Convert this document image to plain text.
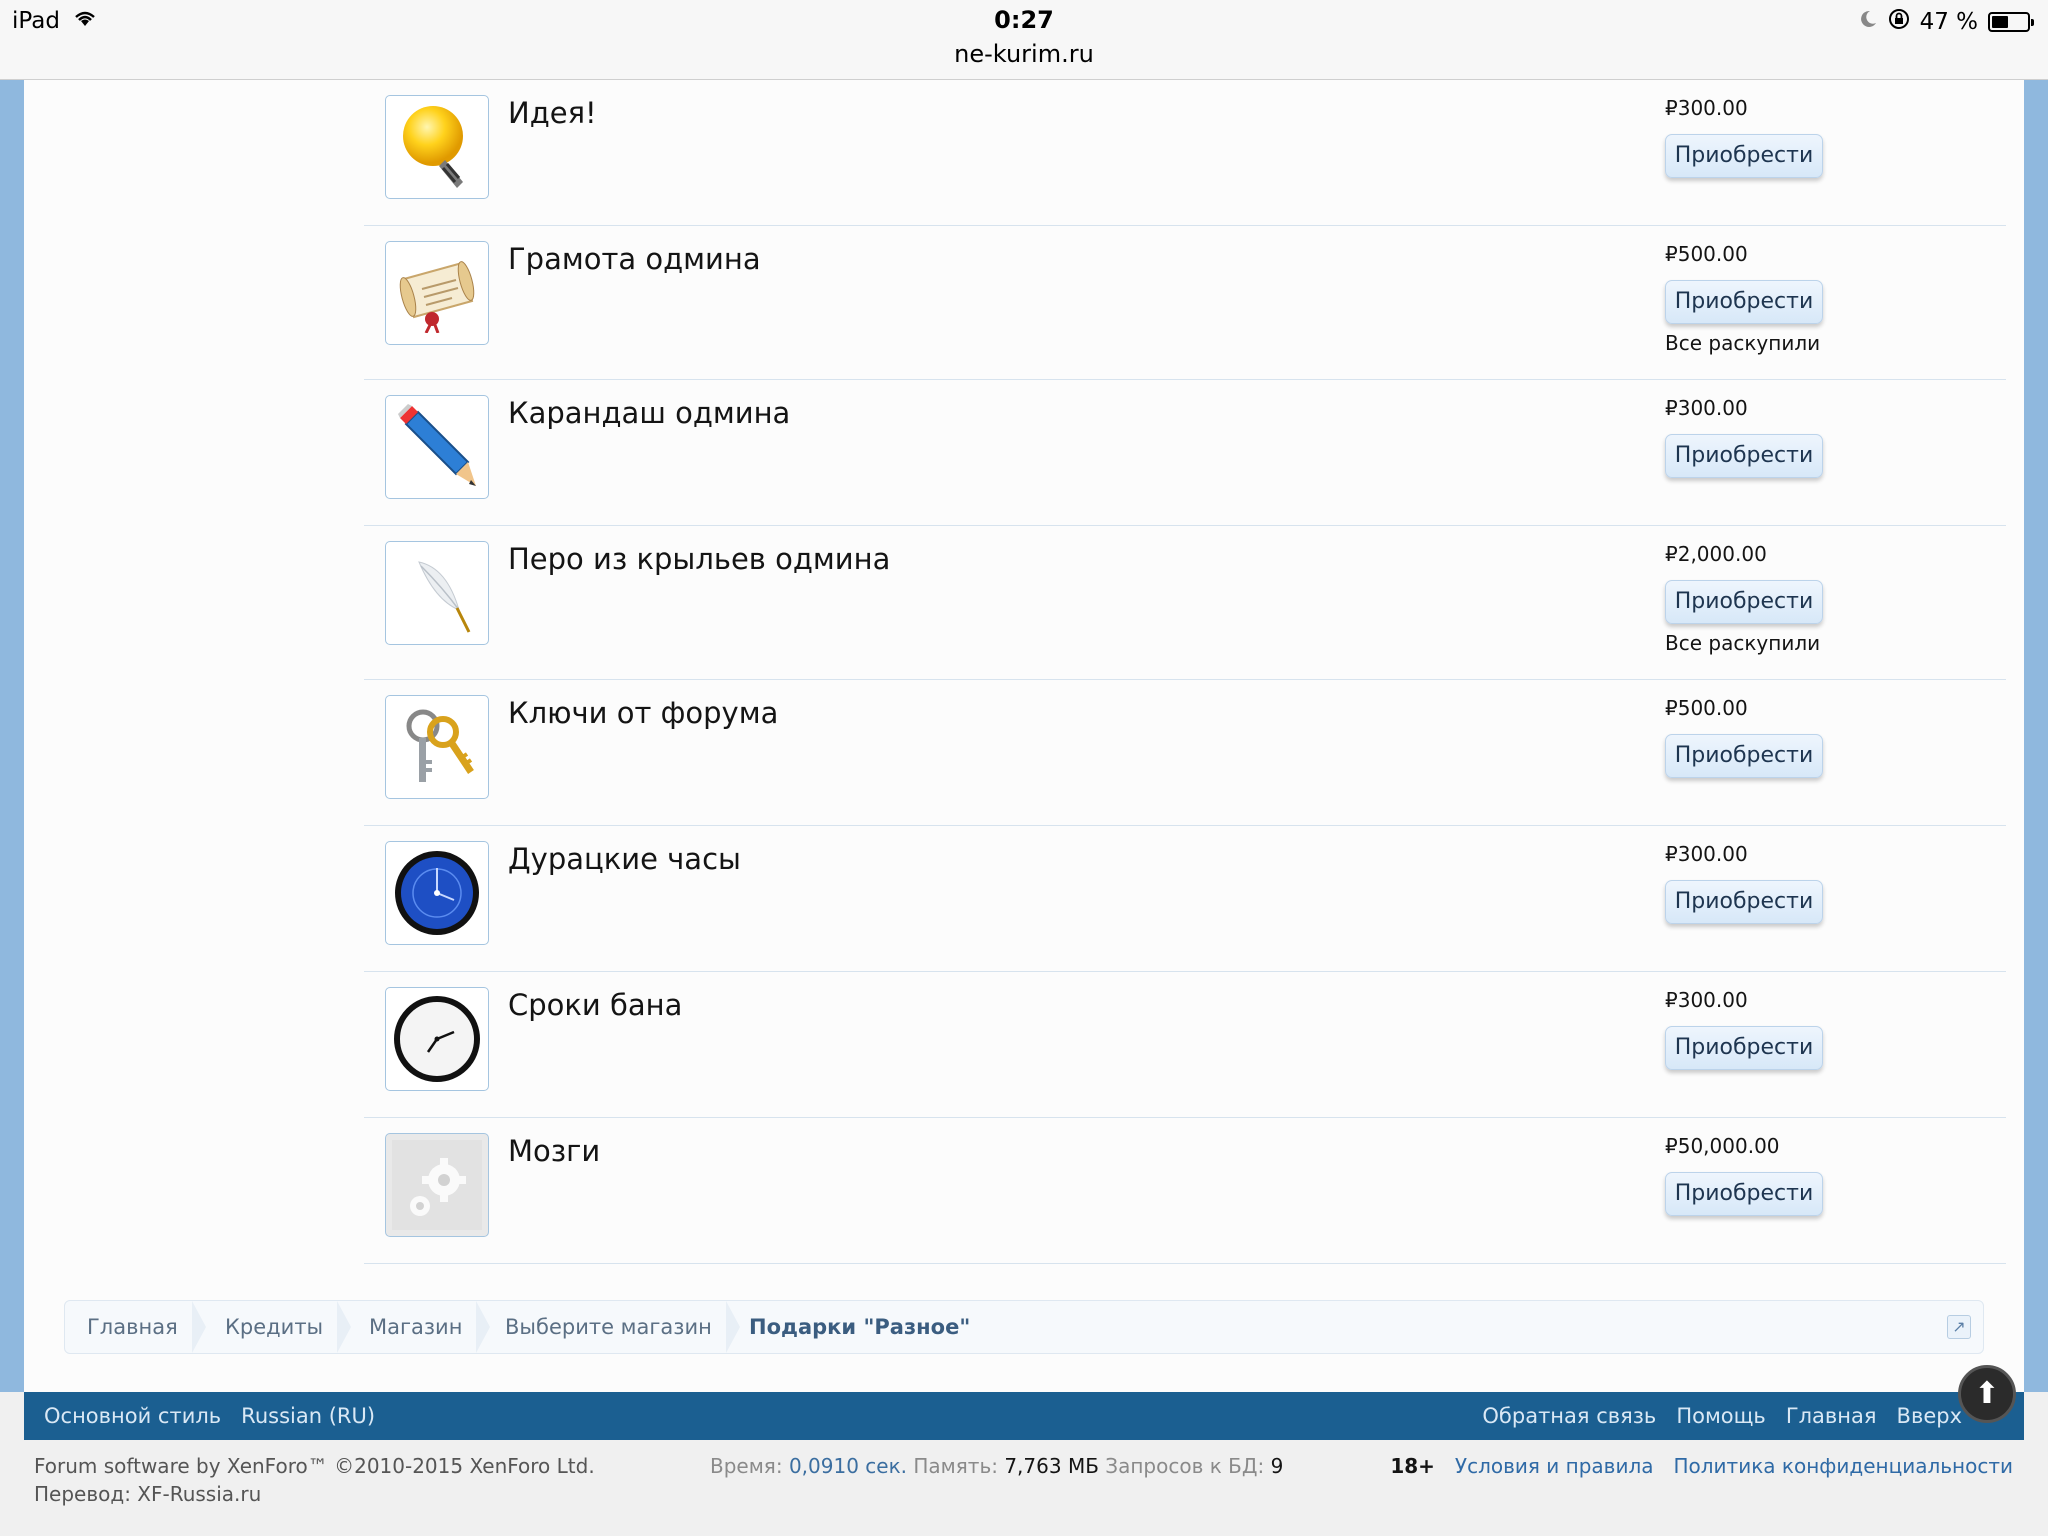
iPad	0:27
ne-kurim.ru
47 %
Идея!	₽300.00
Приобрести
Грамота одмина	₽500.00
Приобрести
Все раскупили
Карандаш одмина	₽300.00
Приобрести
Перо из крыльев одмина	₽2,000.00
Приобрести
Все раскупили
Ключи от форума	₽500.00
Приобрести
Дурацкие часы	₽300.00
Приобрести
Сроки бана	₽300.00
Приобрести
Мозги	₽50,000.00
Приобрести
Главная Кредиты Магазин Выберите магазин Подарки "Разное"	↗
Основной стиль Russian (RU)	Обратная связь Помощь Главная Вверх
⬆
Forum software by XenForo™ ©2010-2015 XenForo Ltd.
Перевод: XF-Russia.ru
Время: 0,0910 сек. Память: 7,763 МБ Запросов к БД: 9	18+ Условия и правила Политика конфиденциальности
